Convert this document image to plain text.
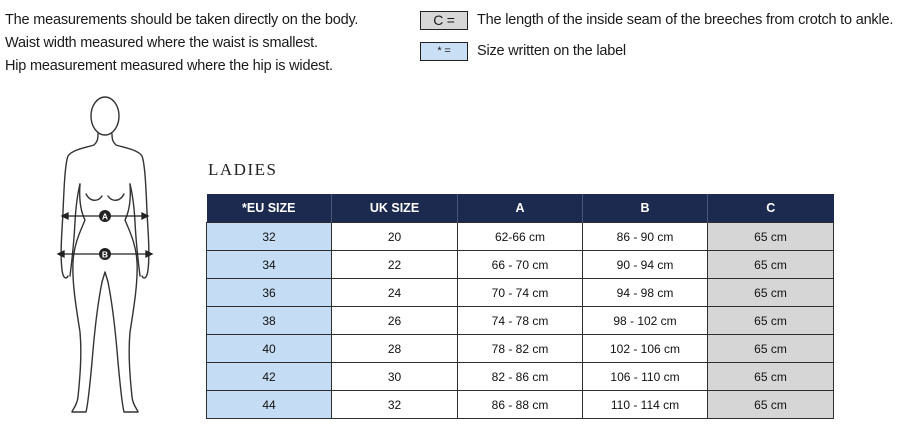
The measurements should be taken directly on the body.
Waist width measured where the waist is smallest.
Hip measurement measured where the hip is widest.
C =	The length of the inside seam of the breeches from crotch to ankle.
* =	Size written on the label
A
B
LADIES
*EU SIZE	UK SIZE	A	B	C
32	20	62-66 cm	86 - 90 cm	65 cm
34	22	66 - 70 cm	90 - 94 cm	65 cm
36	24	70 - 74 cm	94 - 98 cm	65 cm
38	26	74 - 78 cm	98 - 102 cm	65 cm
40	28	78 - 82 cm	102 - 106 cm	65 cm
42	30	82 - 86 cm	106 - 110 cm	65 cm
44	32	86 - 88 cm	110 - 114 cm	65 cm
